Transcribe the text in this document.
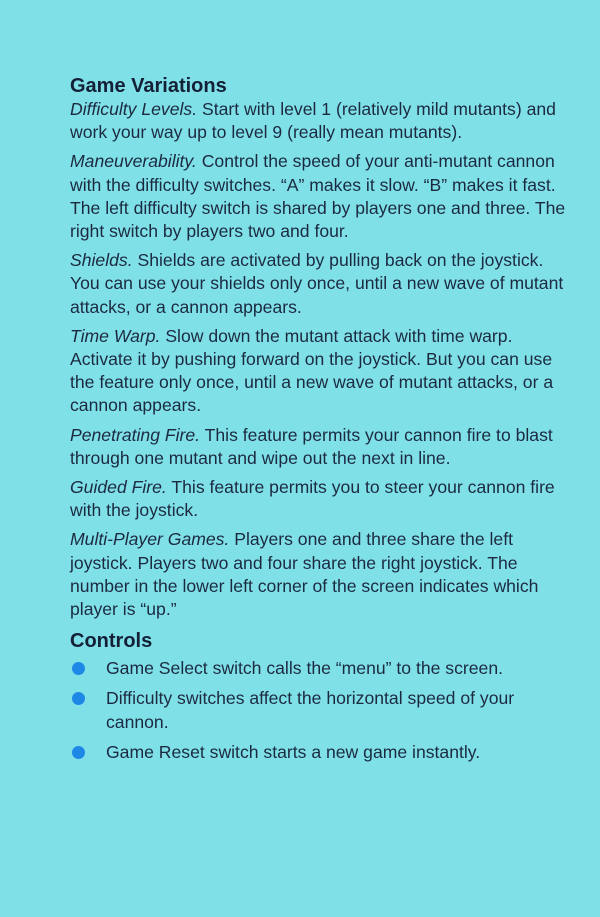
Game Variations

Difficulty Levels. Start with level 1 (relatively mild mutants) and work your way up to level 9 (really mean mutants).

Maneuverability. Control the speed of your anti-mutant cannon with the difficulty switches. “A” makes it slow. “B” makes it fast. The left difficulty switch is shared by players one and three. The right switch by players two and four.

Shields. Shields are activated by pulling back on the joystick. You can use your shields only once, until a new wave of mutant attacks, or a cannon appears.

Time Warp. Slow down the mutant attack with time warp. Activate it by pushing forward on the joystick. But you can use the feature only once, until a new wave of mutant attacks, or a cannon appears.

Penetrating Fire. This feature permits your cannon fire to blast through one mutant and wipe out the next in line.

Guided Fire. This feature permits you to steer your cannon fire with the joystick.

Multi-Player Games. Players one and three share the left joystick. Players two and four share the right joystick. The number in the lower left corner of the screen indicates which player is “up.”

Controls
Game Select switch calls the “menu” to the screen.
Difficulty switches affect the horizontal speed of your cannon.
Game Reset switch starts a new game instantly.
